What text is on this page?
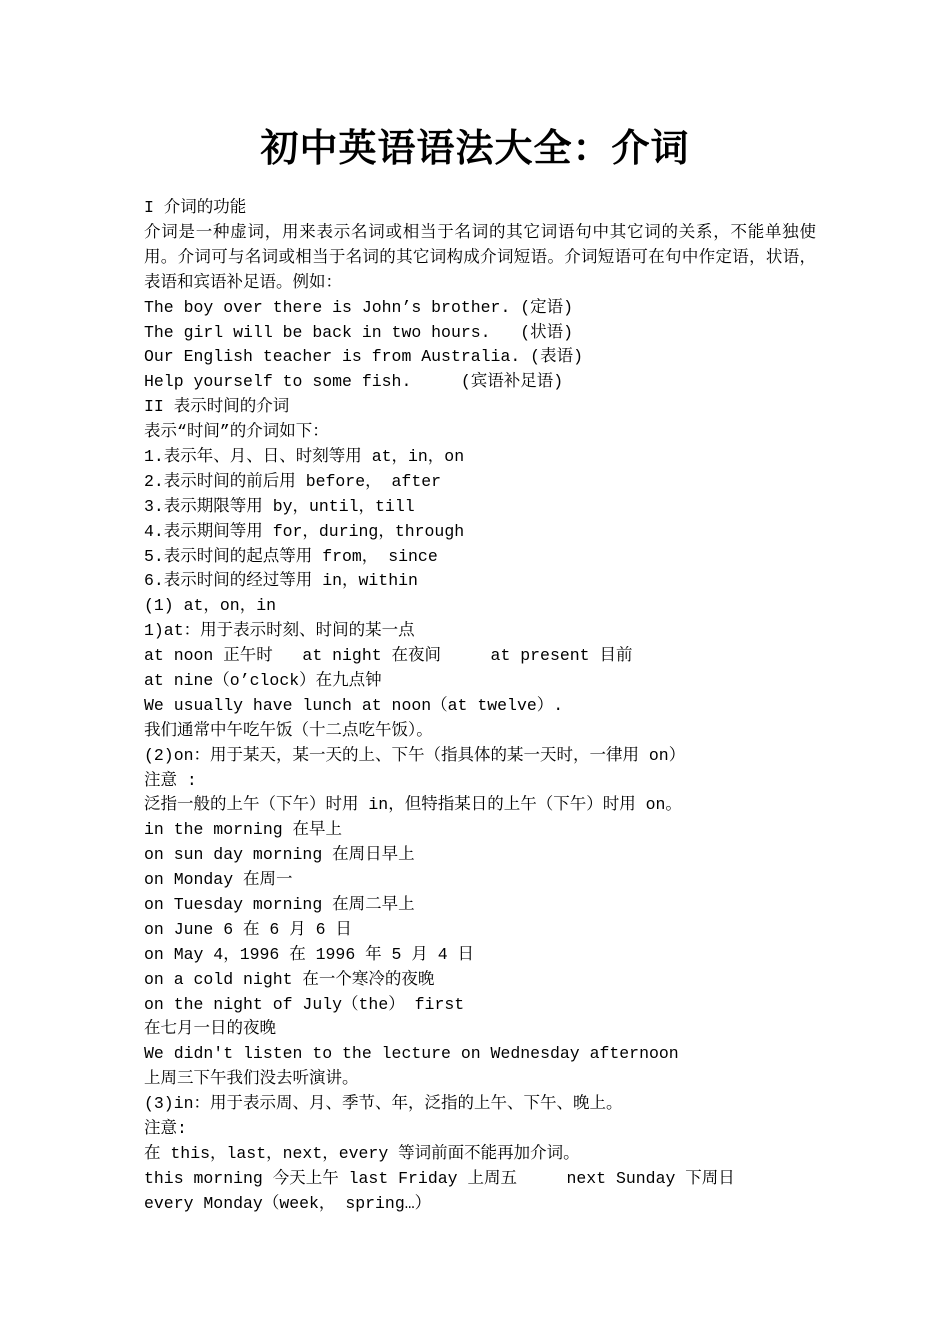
初中英语语法大全：介词
I 介词的功能
介词是一种虚词，用来表示名词或相当于名词的其它词语句中其它词的关系，不能单独使用。介词可与名词或相当于名词的其它词构成介词短语。介词短语可在句中作定语，状语，表语和宾语补足语。例如：
The boy over there is John’s brother. (定语)
The girl will be back in two hours.   (状语)
Our English teacher is from Australia. (表语)
Help yourself to some fish.     (宾语补足语)
II 表示时间的介词
表示“时间”的介词如下：
1.表示年、月、日、时刻等用 at，in，on
2.表示时间的前后用 before， after
3.表示期限等用 by，until，till
4.表示期间等用 for，during，through
5.表示时间的起点等用 from， since
6.表示时间的经过等用 in，within
(1) at，on，in
1)at：用于表示时刻、时间的某一点
at noon 正午时   at night 在夜间     at present 目前
at nine（o’clock）在九点钟
We usually have lunch at noon（at twelve）.
我们通常中午吃午饭（十二点吃午饭）。
(2)on：用于某天，某一天的上、下午（指具体的某一天时，一律用 on）
注意 :
泛指一般的上午（下午）时用 in，但特指某日的上午（下午）时用 on。
in the morning 在早上
on sun day morning 在周日早上
on Monday 在周一
on Tuesday morning 在周二早上
on June 6 在 6 月 6 日
on May 4，1996 在 1996 年 5 月 4 日
on a cold night 在一个寒冷的夜晚
on the night of July（the） first
在七月一日的夜晚
We didn't listen to the lecture on Wednesday afternoon
上周三下午我们没去听演讲。
(3)in：用于表示周、月、季节、年，泛指的上午、下午、晚上。
注意:
在 this，last，next，every 等词前面不能再加介词。
this morning 今天上午 last Friday 上周五     next Sunday 下周日
every Monday（week， spring…）
